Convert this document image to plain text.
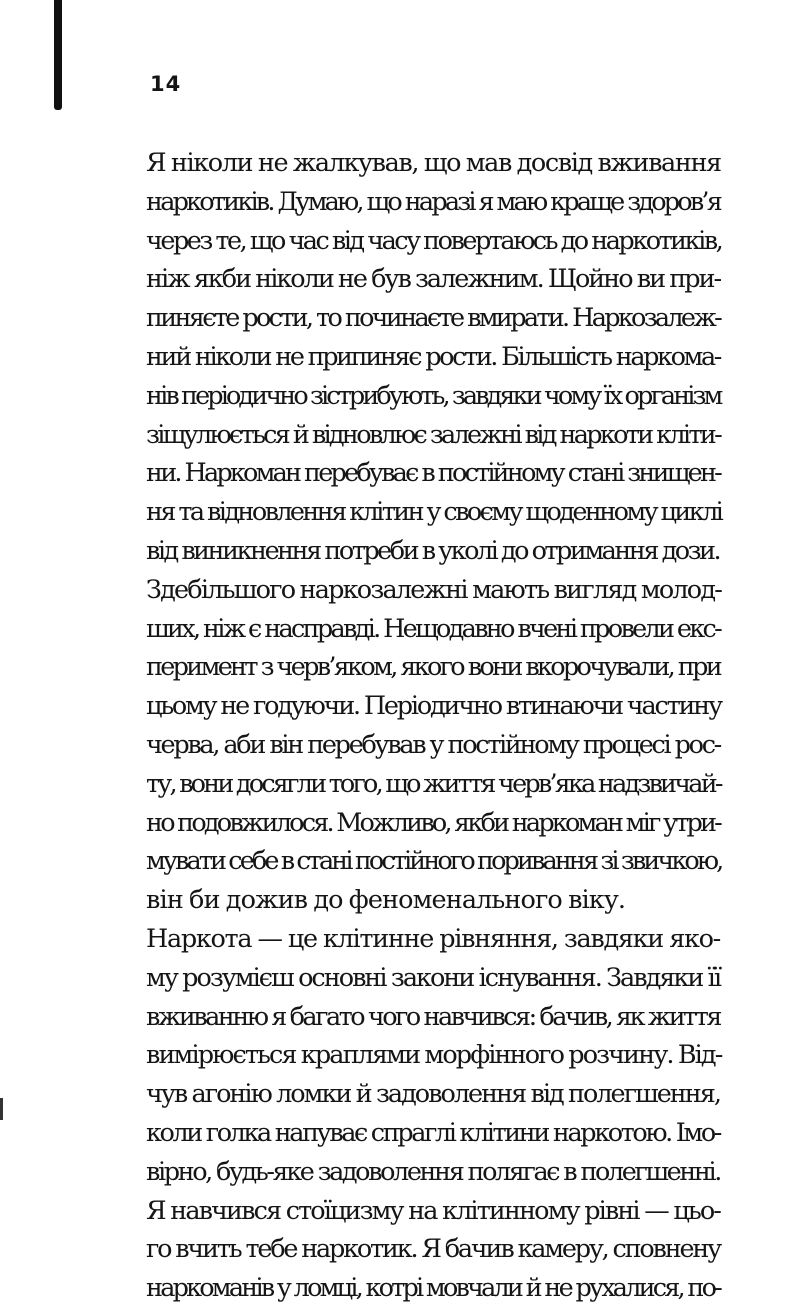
14
Я ніколи не жалкував, що мав досвід вживання
наркотиків. Думаю, що наразі я маю краще здоров’я
через те, що час від часу повертаюсь до наркотиків,
ніж якби ніколи не був залежним. Щойно ви при-
пиняєте рости, то починаєте вмирати. Наркозалеж-
ний ніколи не припиняє рости. Більшість наркома-
нів періодично зістрибують, завдяки чому їх організм
зіщулюється й відновлює залежні від наркоти кліти-
ни. Наркоман перебуває в постійному стані знищен-
ня та відновлення клітин у своєму щоденному циклі
від виникнення потреби в уколі до отримання дози.
Здебільшого наркозалежні мають вигляд молод-
ших, ніж є насправді. Нещодавно вчені провели екс-
перимент з черв’яком, якого вони вкорочували, при
цьому не годуючи. Періодично втинаючи частину
черва, аби він перебував у постійному процесі рос-
ту, вони досягли того, що життя черв’яка надзвичай-
но подовжилося. Можливо, якби наркоман міг утри-
мувати себе в стані постійного поривання зі звичкою,
він би дожив до феноменального віку.
Наркота — це клітинне рівняння, завдяки яко-
му розумієш основні закони існування. Завдяки її
вживанню я багато чого навчився: бачив, як життя
вимірюється краплями морфінного розчину. Від-
чув агонію ломки й задоволення від полегшення,
коли голка напуває спраглі клітини наркотою. Імо-
вірно, будь-яке задоволення полягає в полегшенні.
Я навчився стоїцизму на клітинному рівні — цьо-
го вчить тебе наркотик. Я бачив камеру, сповнену
наркоманів у ломці, котрі мовчали й не рухалися, по-
